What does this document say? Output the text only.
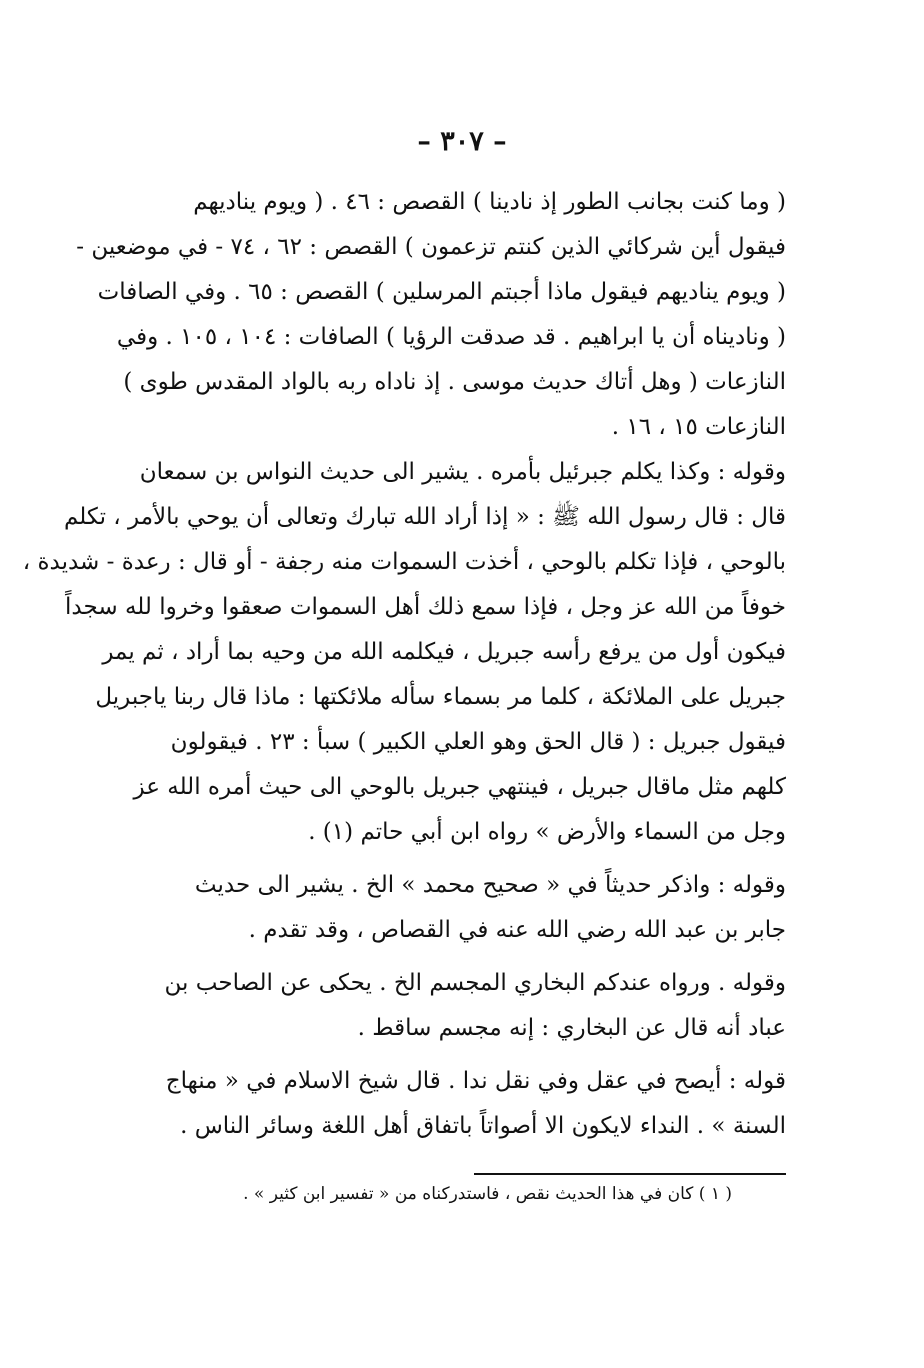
– ٣٠٧ –
( وما كنت بجانب الطور إذ نادينا ) القصص : ٤٦ . ( ويوم يناديهم
فيقول أين شركائي الذين كنتم تزعمون ) القصص : ٦٢ ، ٧٤ - في موضعين -
( ويوم يناديهم فيقول ماذا أجبتم المرسلين ) القصص : ٦٥ . وفي الصافات
( وناديناه أن يا ابراهيم . قد صدقت الرؤيا ) الصافات : ١٠٤ ، ١٠٥ . وفي
النازعات ( وهل أتاك حديث موسى . إذ ناداه ربه بالواد المقدس طوى )
النازعات ١٥ ، ١٦ .
وقوله : وكذا يكلم جبرئيل بأمره . يشير الى حديث النواس بن سمعان
قال : قال رسول الله ﷺ : « إذا أراد الله تبارك وتعالى أن يوحي بالأمر ، تكلم
بالوحي ، فإذا تكلم بالوحي ، أخذت السموات منه رجفة - أو قال : رعدة - شديدة ،
خوفاً من الله عز وجل ، فإذا سمع ذلك أهل السموات صعقوا وخروا لله سجداً
فيكون أول من يرفع رأسه جبريل ، فيكلمه الله من وحيه بما أراد ، ثم يمر
جبريل على الملائكة ، كلما مر بسماء سأله ملائكتها : ماذا قال ربنا ياجبريل
فيقول جبريل : ( قال الحق وهو العلي الكبير ) سبأ : ٢٣ . فيقولون
كلهم مثل ماقال جبريل ، فينتهي جبريل بالوحي الى حيث أمره الله عز
وجل من السماء والأرض » رواه ابن أبي حاتم (١) .
وقوله : واذكر حديثاً في « صحيح محمد » الخ . يشير الى حديث
جابر بن عبد الله رضي الله عنه في القصاص ، وقد تقدم .
وقوله . ورواه عندكم البخاري المجسم الخ . يحكى عن الصاحب بن
عباد أنه قال عن البخاري : إنه مجسم ساقط .
قوله : أيصح في عقل وفي نقل ندا . قال شيخ الاسلام في « منهاج
السنة » . النداء لايكون الا أصواتاً باتفاق أهل اللغة وسائر الناس .
( ١ ) كان في هذا الحديث نقص ، فاستدركناه من « تفسير ابن كثير » .
